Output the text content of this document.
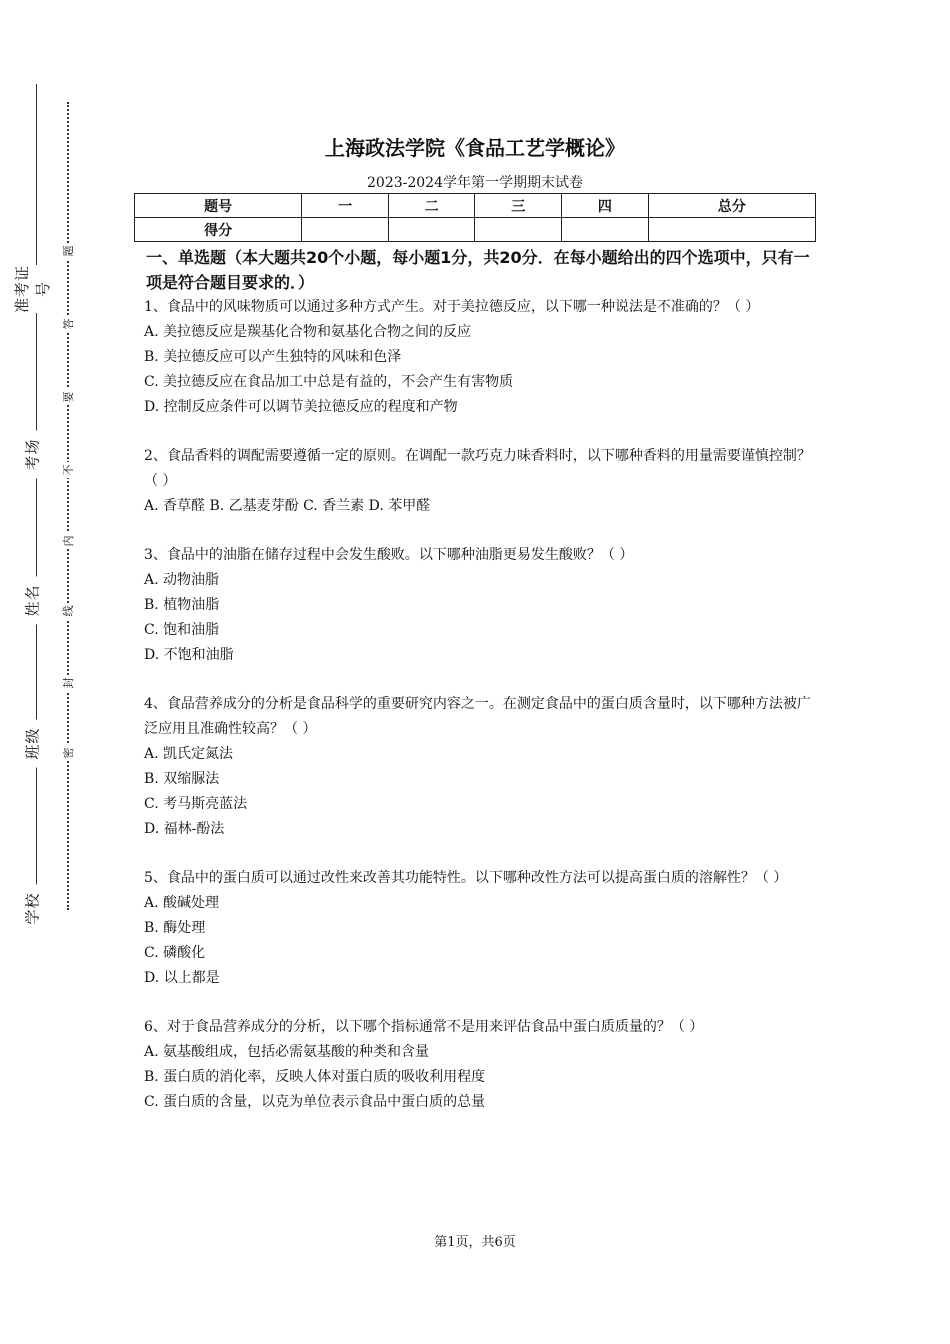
准考证号
考场
姓名
班级
学校
题
答
要
不
内
线
封
密
上海政法学院《食品工艺学概论》
2023-2024学年第一学期期末试卷
题号	一	二	三	四	总分
得分					
一、单选题（本大题共20个小题，每小题1分，共20分．在每小题给出的四个选项中，只有一项是符合题目要求的．）
1、食品中的风味物质可以通过多种方式产生。对于美拉德反应，以下哪一种说法是不准确的？（ ）
A. 美拉德反应是羰基化合物和氨基化合物之间的反应
B. 美拉德反应可以产生独特的风味和色泽
C. 美拉德反应在食品加工中总是有益的，不会产生有害物质
D. 控制反应条件可以调节美拉德反应的程度和产物
2、食品香料的调配需要遵循一定的原则。在调配一款巧克力味香料时，以下哪种香料的用量需要谨慎控制？（ ）
A. 香草醛 B. 乙基麦芽酚 C. 香兰素 D. 苯甲醛
3、食品中的油脂在储存过程中会发生酸败。以下哪种油脂更易发生酸败？（ ）
A. 动物油脂
B. 植物油脂
C. 饱和油脂
D. 不饱和油脂
4、食品营养成分的分析是食品科学的重要研究内容之一。在测定食品中的蛋白质含量时，以下哪种方法被广泛应用且准确性较高？（ ）
A. 凯氏定氮法
B. 双缩脲法
C. 考马斯亮蓝法
D. 福林-酚法
5、食品中的蛋白质可以通过改性来改善其功能特性。以下哪种改性方法可以提高蛋白质的溶解性？（ ）
A. 酸碱处理
B. 酶处理
C. 磷酸化
D. 以上都是
6、对于食品营养成分的分析，以下哪个指标通常不是用来评估食品中蛋白质质量的？（ ）
A. 氨基酸组成，包括必需氨基酸的种类和含量
B. 蛋白质的消化率，反映人体对蛋白质的吸收利用程度
C. 蛋白质的含量，以克为单位表示食品中蛋白质的总量
第1页，共6页
